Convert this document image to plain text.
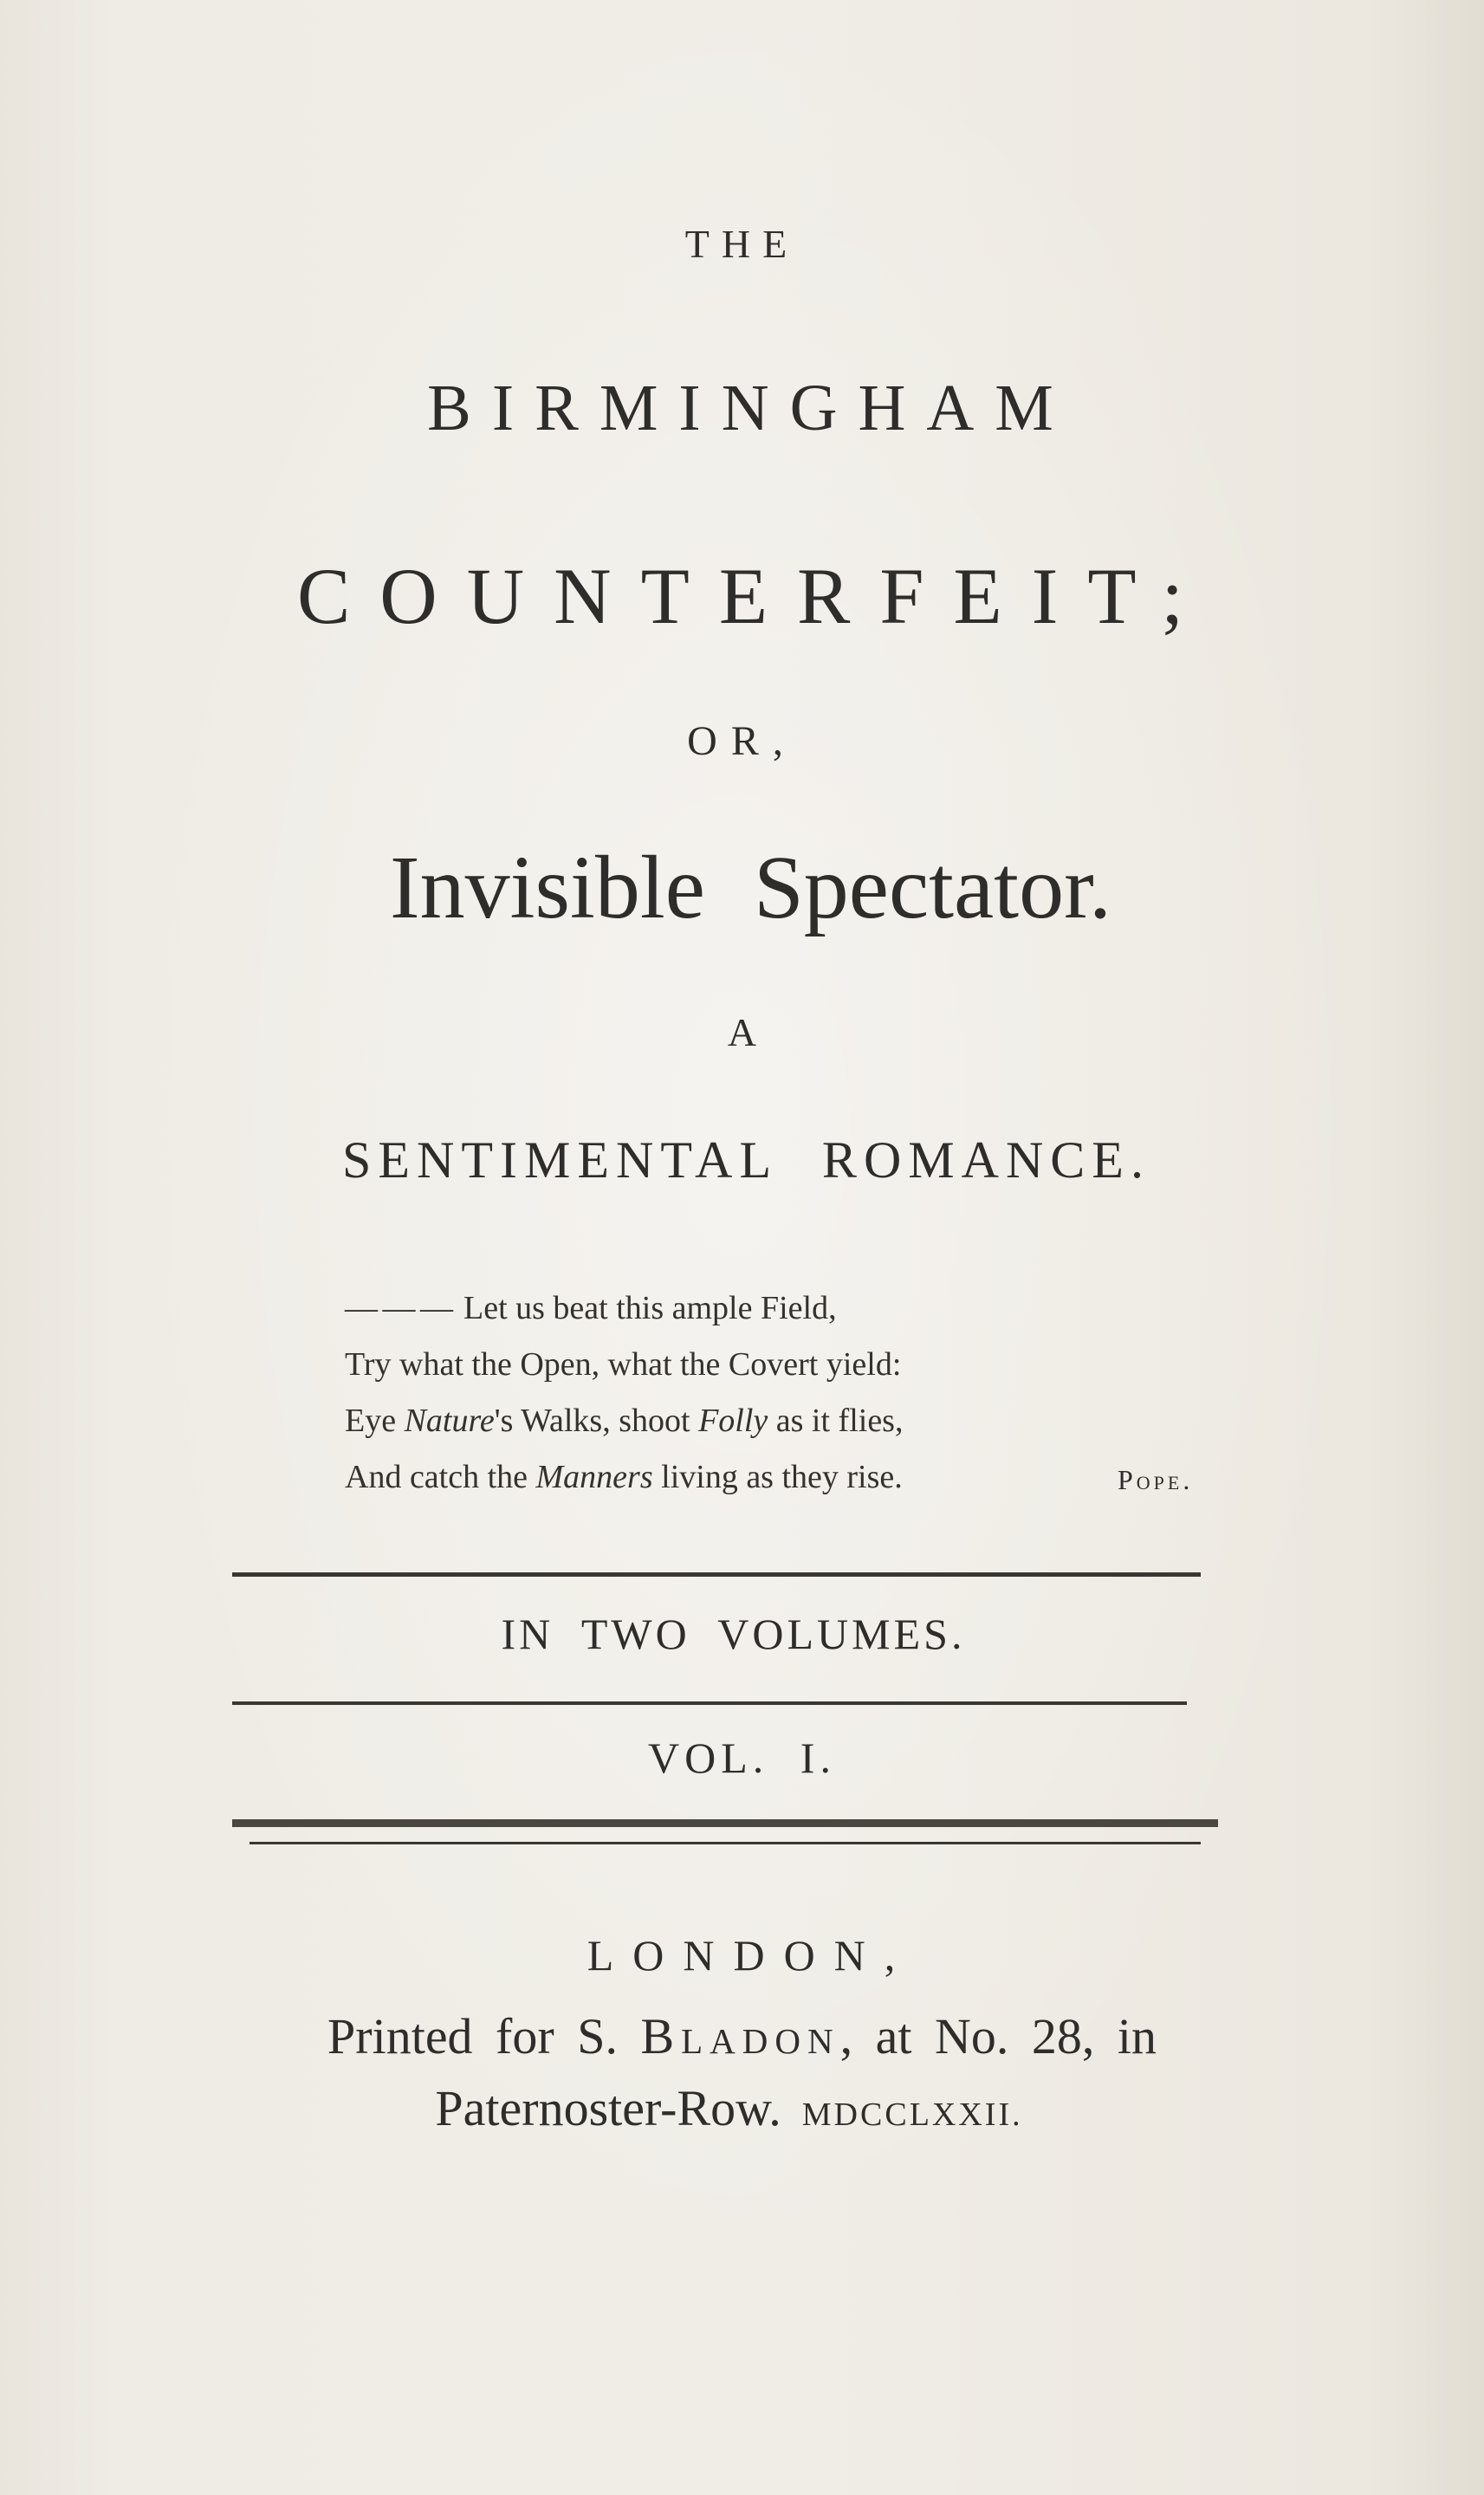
THE
BIRMINGHAM
COUNTERFEIT;
OR,
Invisible Spectator.
A
SENTIMENTAL ROMANCE.
— — — Let us beat this ample Field,
Try what the Open, what the Covert yield:
Eye Nature's Walks, shoot Folly as it flies,
And catch the Manners living as they rise.	Pope.
IN TWO VOLUMES.
VOL. I.
LONDON,
Printed for S. Bladon, at No. 28, in
Paternoster-Row. MDCCLXXII.
